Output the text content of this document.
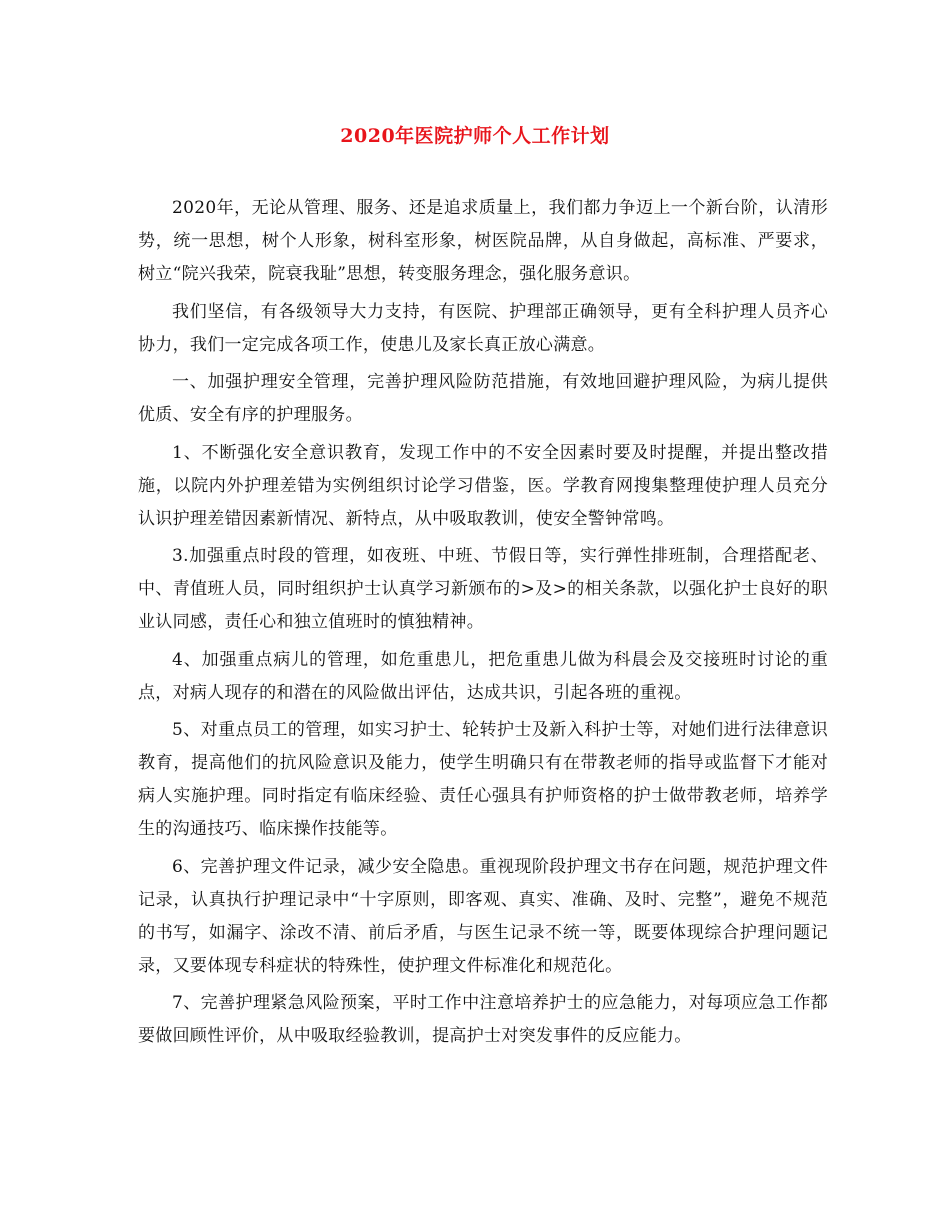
2020年医院护师个人工作计划

2020年，无论从管理、服务、还是追求质量上，我们都力争迈上一个新台阶，认清形势，统一思想，树个人形象，树科室形象，树医院品牌，从自身做起，高标准、严要求，树立“院兴我荣，院衰我耻”思想，转变服务理念，强化服务意识。

我们坚信，有各级领导大力支持，有医院、护理部正确领导，更有全科护理人员齐心协力，我们一定完成各项工作，使患儿及家长真正放心满意。

一、加强护理安全管理，完善护理风险防范措施，有效地回避护理风险，为病儿提供优质、安全有序的护理服务。

1、不断强化安全意识教育，发现工作中的不安全因素时要及时提醒，并提出整改措施，以院内外护理差错为实例组织讨论学习借鉴，医。学教育网搜集整理使护理人员充分认识护理差错因素新情况、新特点，从中吸取教训，使安全警钟常鸣。

3.加强重点时段的管理，如夜班、中班、节假日等，实行弹性排班制，合理搭配老、中、青值班人员，同时组织护士认真学习新颁布的>及>的相关条款，以强化护士良好的职业认同感，责任心和独立值班时的慎独精神。

4、加强重点病儿的管理，如危重患儿，把危重患儿做为科晨会及交接班时讨论的重点，对病人现存的和潜在的风险做出评估，达成共识，引起各班的重视。

5、对重点员工的管理，如实习护士、轮转护士及新入科护士等，对她们进行法律意识教育，提高他们的抗风险意识及能力，使学生明确只有在带教老师的指导或监督下才能对病人实施护理。同时指定有临床经验、责任心强具有护师资格的护士做带教老师，培养学生的沟通技巧、临床操作技能等。

6、完善护理文件记录，减少安全隐患。重视现阶段护理文书存在问题，规范护理文件记录，认真执行护理记录中“十字原则，即客观、真实、准确、及时、完整”，避免不规范的书写，如漏字、涂改不清、前后矛盾，与医生记录不统一等，既要体现综合护理问题记录，又要体现专科症状的特殊性，使护理文件标准化和规范化。

7、完善护理紧急风险预案，平时工作中注意培养护士的应急能力，对每项应急工作都要做回顾性评价，从中吸取经验教训，提高护士对突发事件的反应能力。
